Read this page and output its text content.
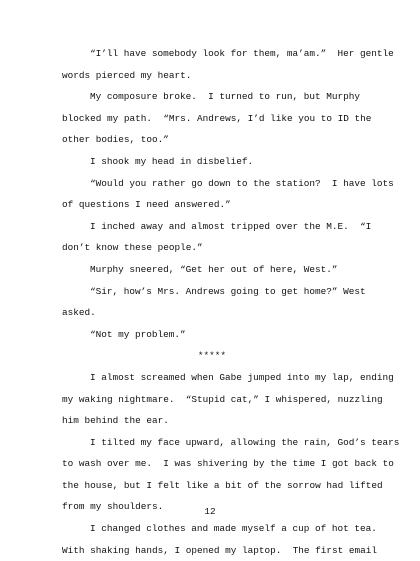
“I’ll have somebody look for them, ma’am.”  Her gentle
words pierced my heart.
My composure broke.  I turned to run, but Murphy
blocked my path.  “Mrs. Andrews, I’d like you to ID the
other bodies, too.”
I shook my head in disbelief.
“Would you rather go down to the station?  I have lots
of questions I need answered.”
I inched away and almost tripped over the M.E.  “I
don’t know these people.”
Murphy sneered, “Get her out of here, West.”
“Sir, how’s Mrs. Andrews going to get home?” West
asked.
“Not my problem.”
*****
I almost screamed when Gabe jumped into my lap, ending
my waking nightmare.  “Stupid cat,” I whispered, nuzzling
him behind the ear.
I tilted my face upward, allowing the rain, God’s tears
to wash over me.  I was shivering by the time I got back to
the house, but I felt like a bit of the sorrow had lifted
from my shoulders.
I changed clothes and made myself a cup of hot tea.
With shaking hands, I opened my laptop.  The first email
12
